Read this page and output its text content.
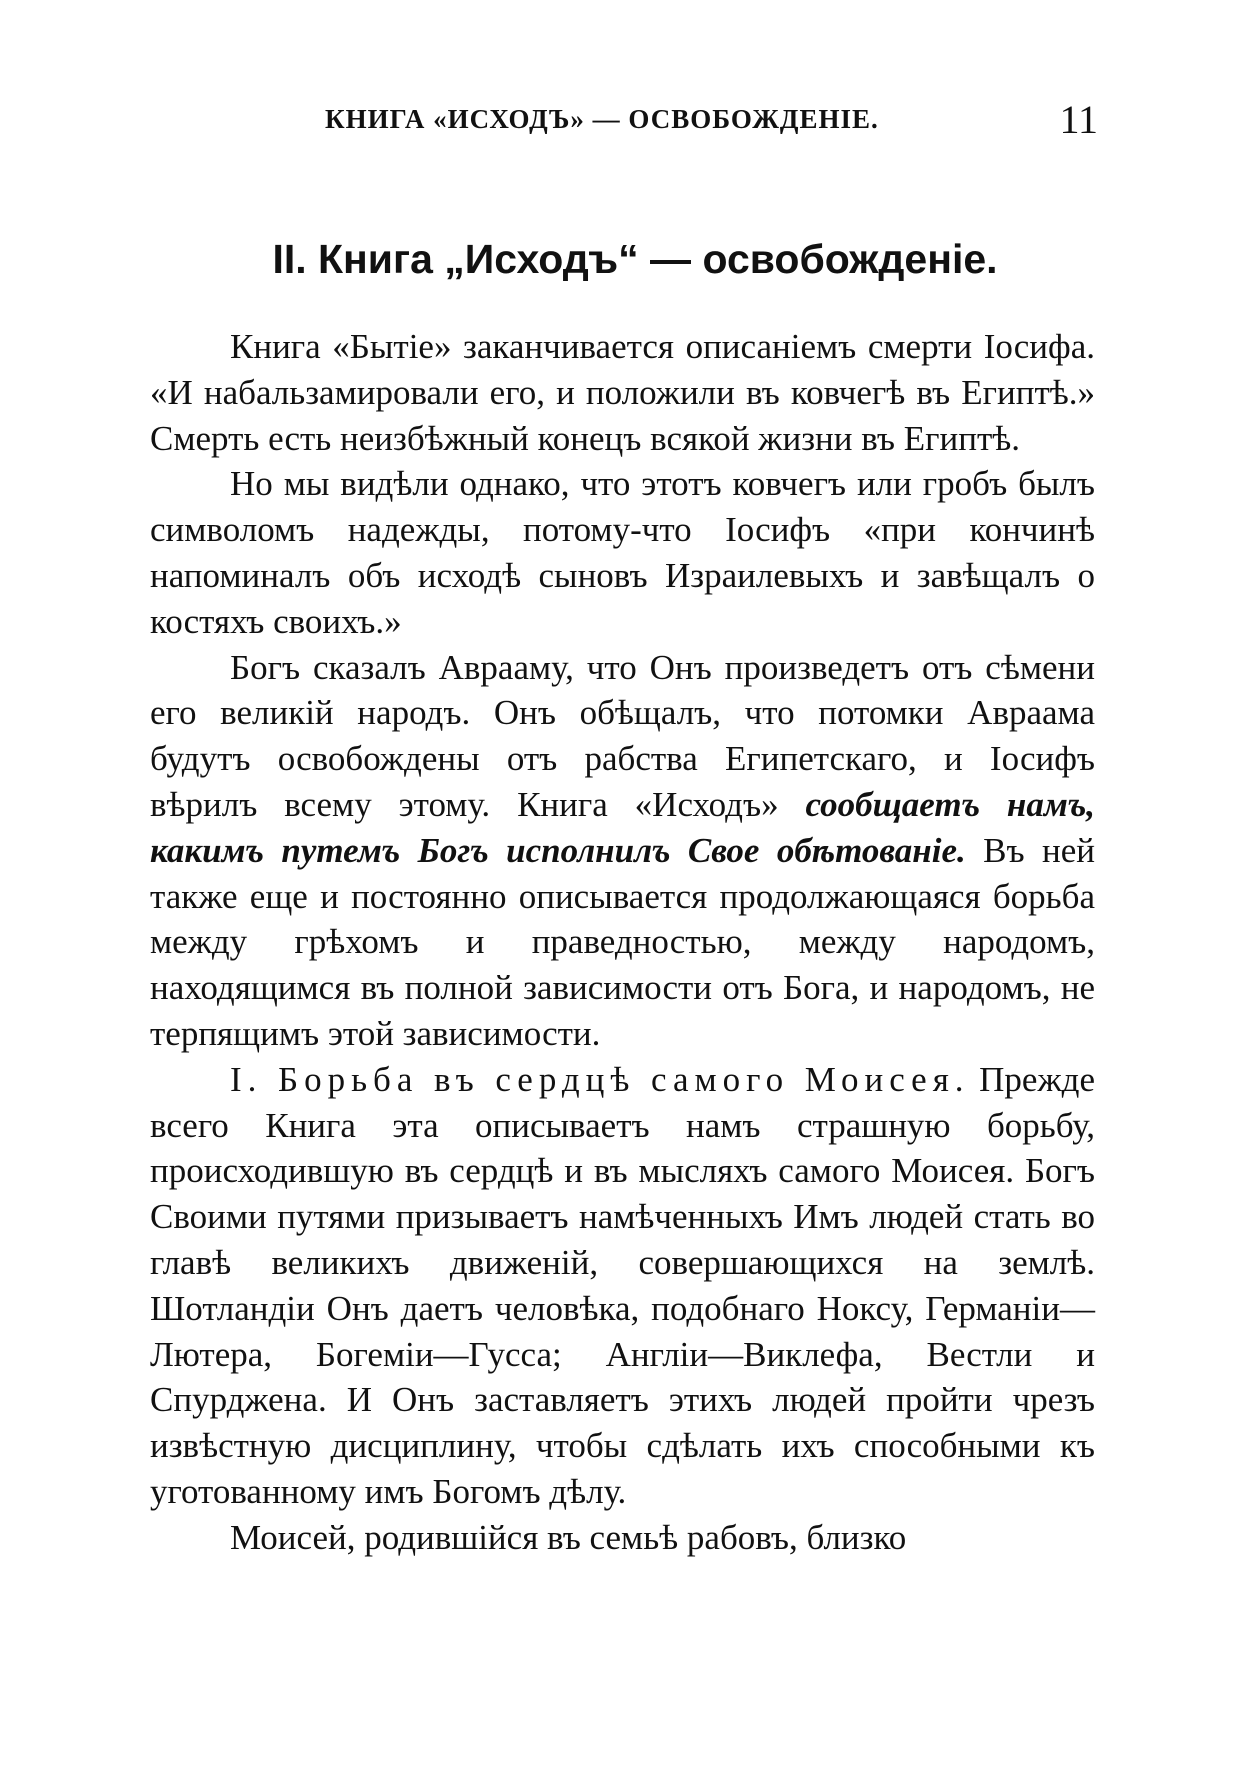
КНИГА «ИСХОДЪ» — ОСВОБОЖДЕНІЕ.	11
II. Книга „Исходъ“ — освобожденіе.

Книга «Бытіе» заканчивается описаніемъ смерти Іосифа. «И набальзамировали его, и положили въ ковчегѣ въ Египтѣ.» Смерть есть неизбѣжный конецъ всякой жизни въ Египтѣ.

Но мы видѣли однако, что этотъ ковчегъ или гробъ былъ символомъ надежды, потому-что Іосифъ «при кончинѣ напоминалъ объ исходѣ сыновъ Израилевыхъ и завѣщалъ о костяхъ своихъ.»

Богъ сказалъ Аврааму, что Онъ произведетъ отъ сѣмени его великій народъ. Онъ обѣщалъ, что потомки Авраама будутъ освобождены отъ рабства Египетскаго, и Іосифъ вѣрилъ всему этому. Книга «Исходъ» сообщаетъ намъ, какимъ путемъ Богъ исполнилъ Свое обѣтованіе. Въ ней также еще и постоянно описывается продолжающаяся борьба между грѣхомъ и праведностью, между народомъ, находящимся въ полной зависимости отъ Бога, и народомъ, не терпящимъ этой зависимости.

І. Борьба въ сердцѣ самого Моисея. Прежде всего Книга эта описываетъ намъ страшную борьбу, происходившую въ сердцѣ и въ мысляхъ самого Моисея. Богъ Своими путями призываетъ намѣченныхъ Имъ людей стать во главѣ великихъ движеній, совершающихся на землѣ. Шотландіи Онъ даетъ человѣка, подобнаго Ноксу, Германіи—Лютера, Богеміи—Гусса; Англіи—Виклефа, Вестли и Спурджена. И Онъ заставляетъ этихъ людей пройти чрезъ извѣстную дисциплину, чтобы сдѣлать ихъ способными къ уготованному имъ Богомъ дѣлу.

Моисей, родившійся въ семьѣ рабовъ, близко
